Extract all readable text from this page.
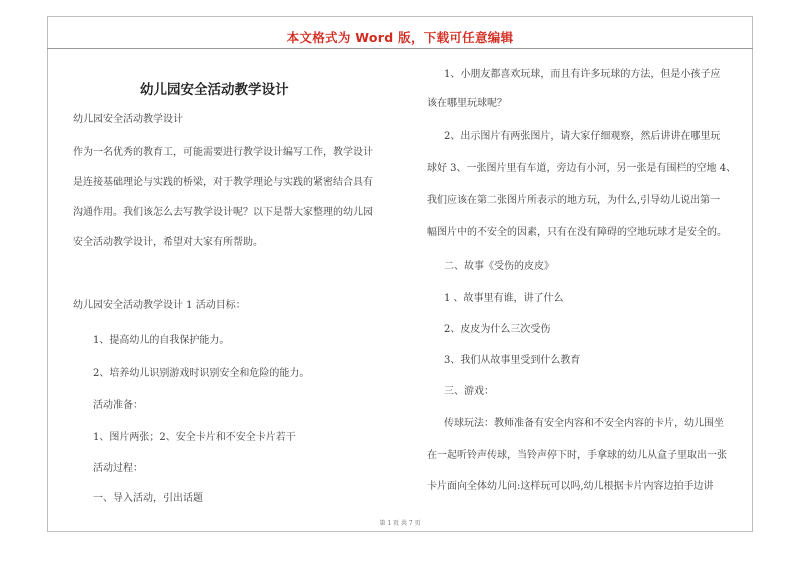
本文格式为 Word 版，下载可任意编辑
幼儿园安全活动教学设计
幼儿园安全活动教学设计
作为一名优秀的教育工，可能需要进行教学设计编写工作，教学设计
是连接基础理论与实践的桥梁，对于教学理论与实践的紧密结合具有
沟通作用。我们该怎么去写教学设计呢？以下是帮大家整理的幼儿园
安全活动教学设计，希望对大家有所帮助。
幼儿园安全活动教学设计 1 活动目标：
1、提高幼儿的自我保护能力。
2、培养幼儿识别游戏时识别安全和危险的能力。
活动准备：
1、图片两张；2、安全卡片和不安全卡片若干
活动过程：
一、导入活动，引出话题
1、小朋友都喜欢玩球，而且有许多玩球的方法，但是小孩子应
该在哪里玩球呢？
2、出示图片有两张图片，请大家仔细观察，然后讲讲在哪里玩
球好 3、一张图片里有车道，旁边有小河，另一张是有围栏的空地 4、
我们应该在第二张图片所表示的地方玩，为什么,引导幼儿说出第一
幅图片中的不安全的因素，只有在没有障碍的空地玩球才是安全的。
二、故事《受伤的皮皮》
1 、故事里有谁，讲了什么
2、皮皮为什么三次受伤
3、我们从故事里受到什么教育
三、游戏：
传球玩法：教师准备有安全内容和不安全内容的卡片，幼儿围坐
在一起听铃声传球，当铃声停下时，手拿球的幼儿从盒子里取出一张
卡片面向全体幼儿问:这样玩可以吗,幼儿根据卡片内容边拍手边讲
第 1 页 共 7 页
